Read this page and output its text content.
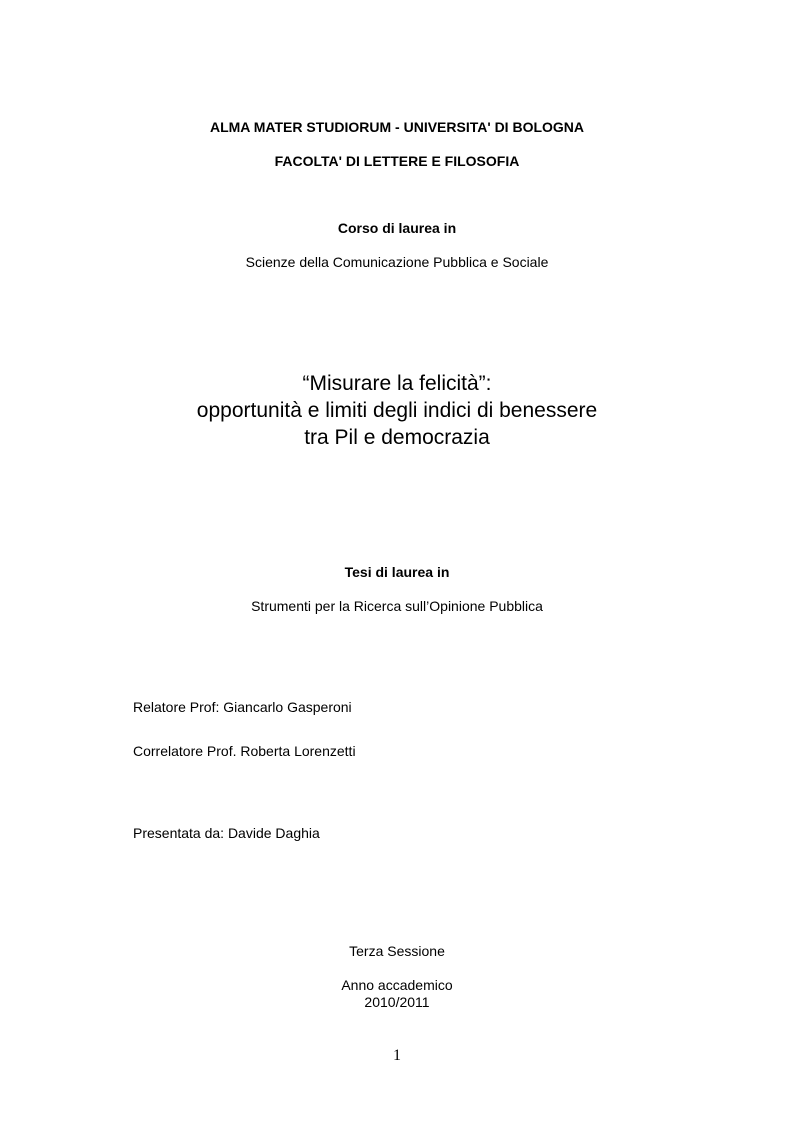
ALMA MATER STUDIORUM - UNIVERSITA' DI BOLOGNA
FACOLTA' DI LETTERE E FILOSOFIA
Corso di laurea in
Scienze della Comunicazione Pubblica e Sociale
“Misurare la felicità”:
opportunità e limiti degli indici di benessere
tra Pil e democrazia
Tesi di laurea in
Strumenti per la Ricerca sull’Opinione Pubblica
Relatore Prof: Giancarlo Gasperoni
Correlatore Prof. Roberta Lorenzetti
Presentata da: Davide Daghia
Terza Sessione
Anno accademico
2010/2011
1
